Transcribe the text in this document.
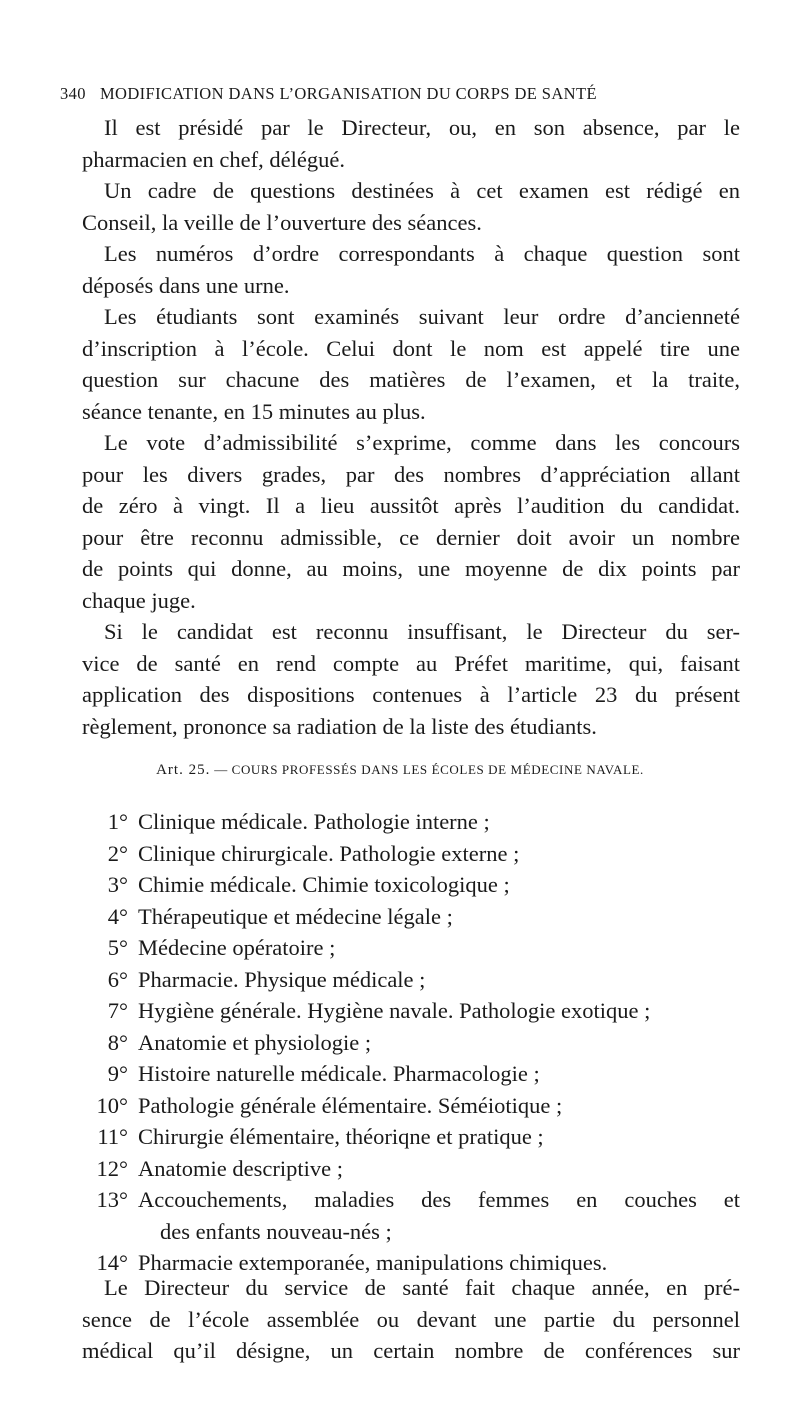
340 MODIFICATION DANS L’ORGANISATION DU CORPS DE SANTÉ

Il est présidé par le Directeur, ou, en son absence, par le
pharmacien en chef, délégué.

Un cadre de questions destinées à cet examen est rédigé en
Conseil, la veille de l’ouverture des séances.

Les numéros d’ordre correspondants à chaque question sont
déposés dans une urne.

Les étudiants sont examinés suivant leur ordre d’ancienneté
d’inscription à l’école. Celui dont le nom est appelé tire une
question sur chacune des matières de l’examen, et la traite,
séance tenante, en 15 minutes au plus.

Le vote d’admissibilité s’exprime, comme dans les concours
pour les divers grades, par des nombres d’appréciation allant
de zéro à vingt. Il a lieu aussitôt après l’audition du candidat.
pour être reconnu admissible, ce dernier doit avoir un nombre
de points qui donne, au moins, une moyenne de dix points par
chaque juge.

Si le candidat est reconnu insuffisant, le Directeur du ser-
vice de santé en rend compte au Préfet maritime, qui, faisant
application des dispositions contenues à l’article 23 du présent
règlement, prononce sa radiation de la liste des étudiants.

Art. 25. — COURS PROFESSÉS DANS LES ÉCOLES DE MÉDECINE NAVALE.
1° Clinique médicale. Pathologie interne ;
2° Clinique chirurgicale. Pathologie externe ;
3° Chimie médicale. Chimie toxicologique ;
4° Thérapeutique et médecine légale ;
5° Médecine opératoire ;
6° Pharmacie. Physique médicale ;
7° Hygiène générale. Hygiène navale. Pathologie exotique ;
8° Anatomie et physiologie ;
9° Histoire naturelle médicale. Pharmacologie ;
10° Pathologie générale élémentaire. Séméiotique ;
11° Chirurgie élémentaire, théoriqne et pratique ;
12° Anatomie descriptive ;
13° Accouchements, maladies des femmes en couches et
des enfants nouveau-nés ;
14° Pharmacie extemporanée, manipulations chimiques.

Le Directeur du service de santé fait chaque année, en pré-
sence de l’école assemblée ou devant une partie du personnel
médical qu’il désigne, un certain nombre de conférences sur
